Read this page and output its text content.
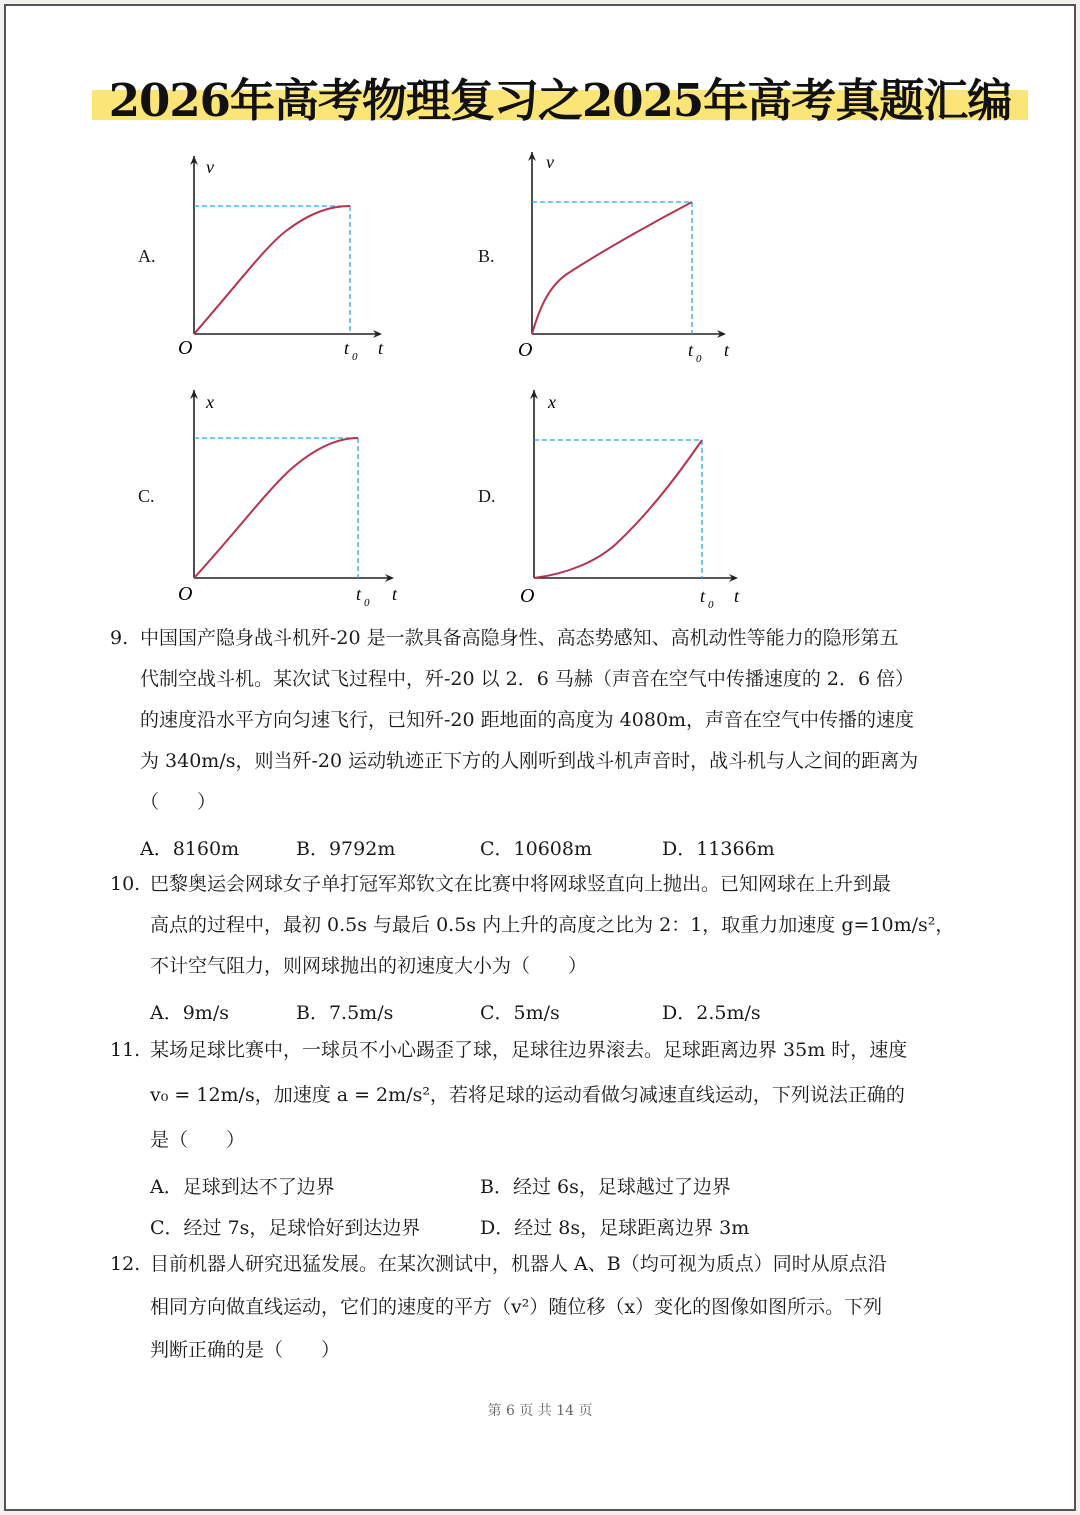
2026年高考物理复习之2025年高考真题汇编
A.
v
O	t 0 t
B.
v
O	t 0 t
C.
x
O	t 0 t
D.
x
O	t 0 t
9. 中国国产隐身战斗机歼-20 是一款具备高隐身性、高态势感知、高机动性等能力的隐形第五
代制空战斗机。某次试飞过程中，歼-20 以 2．6 马赫（声音在空气中传播速度的 2．6 倍）
的速度沿水平方向匀速飞行，已知歼-20 距地面的高度为 4080m，声音在空气中传播的速度
为 340m/s，则当歼-20 运动轨迹正下方的人刚听到战斗机声音时，战斗机与人之间的距离为
（　　）
A．8160m	B．9792m	C．10608m	D．11366m
10. 巴黎奥运会网球女子单打冠军郑钦文在比赛中将网球竖直向上抛出。已知网球在上升到最
高点的过程中，最初 0.5s 与最后 0.5s 内上升的高度之比为 2：1，取重力加速度 g=10m/s²，
不计空气阻力，则网球抛出的初速度大小为（　　）
A．9m/s	B．7.5m/s	C．5m/s	D．2.5m/s
11. 某场足球比赛中，一球员不小心踢歪了球，足球往边界滚去。足球距离边界 35m 时，速度
v₀ = 12m/s，加速度 a = 2m/s²，若将足球的运动看做匀减速直线运动，下列说法正确的
是（　　）
A．足球到达不了边界	B．经过 6s，足球越过了边界
C．经过 7s，足球恰好到达边界	D．经过 8s，足球距离边界 3m
12. 目前机器人研究迅猛发展。在某次测试中，机器人 A、B（均可视为质点）同时从原点沿
相同方向做直线运动，它们的速度的平方（v²）随位移（x）变化的图像如图所示。下列
判断正确的是（　　）
第 6 页 共 14 页
